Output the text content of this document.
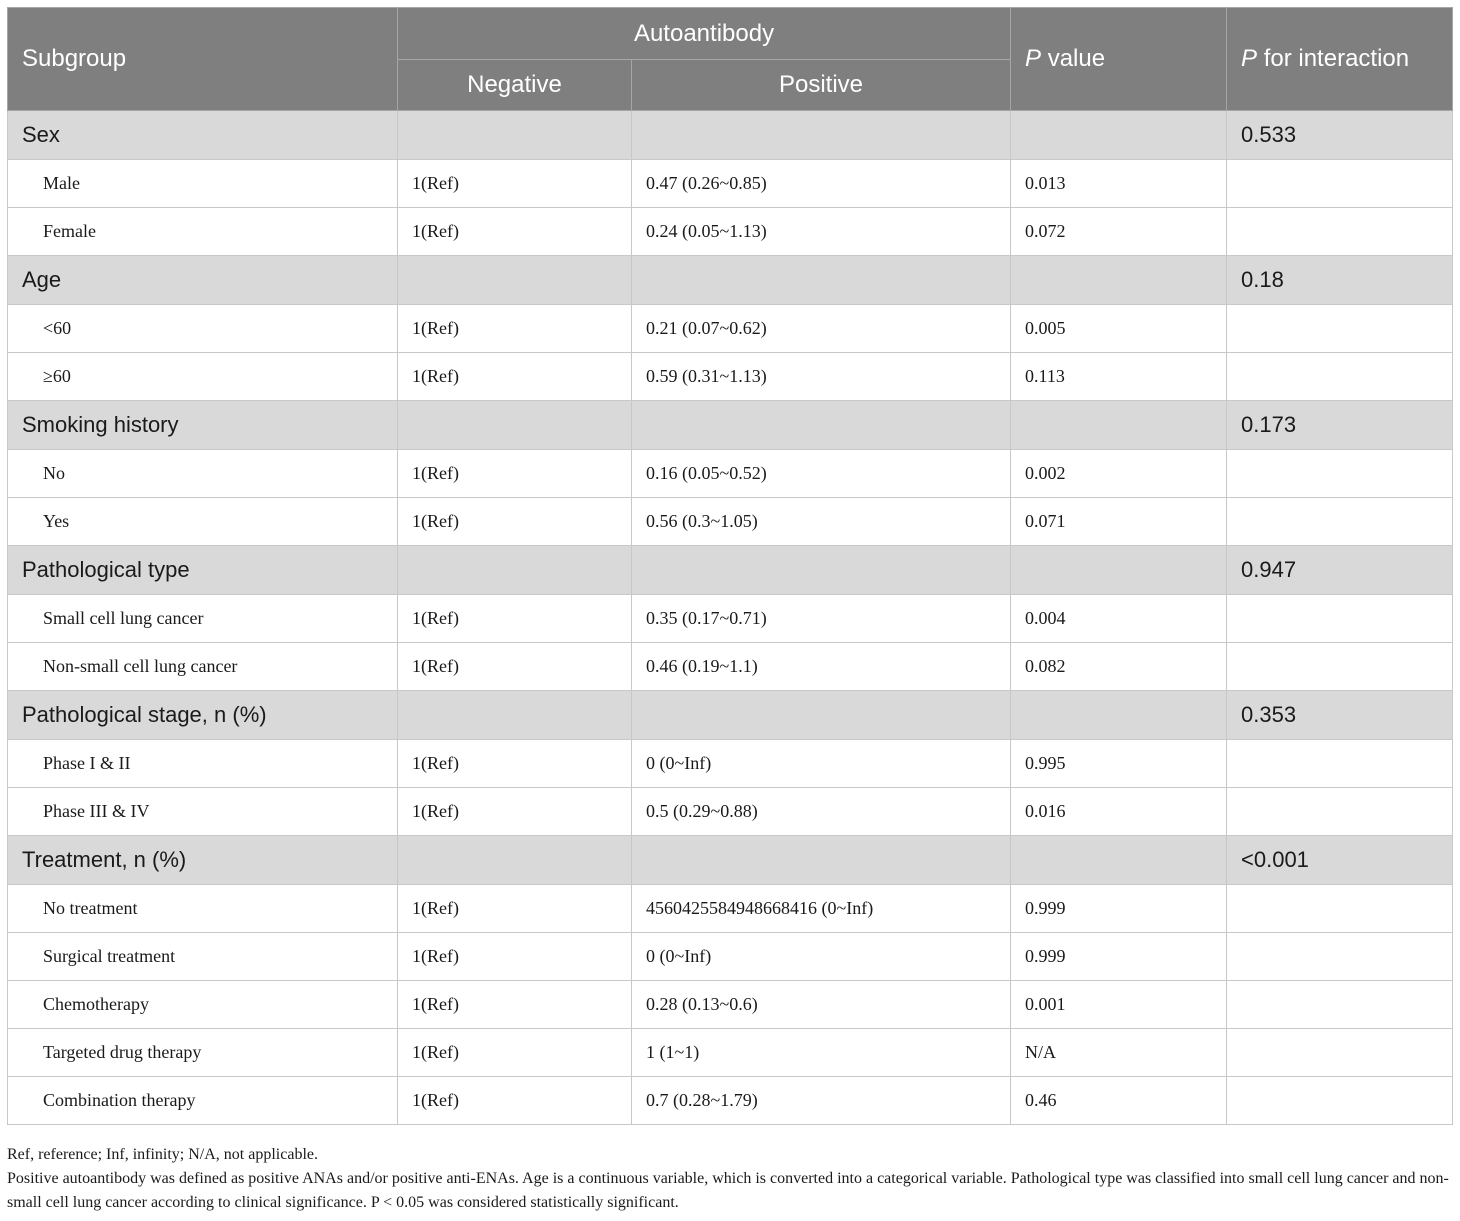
Subgroup	Autoantibody		P value	P for interaction
	Negative	Positive		
Sex				0.533
Male	1(Ref)	0.47 (0.26~0.85)	0.013	
Female	1(Ref)	0.24 (0.05~1.13)	0.072	
Age				0.18
<60	1(Ref)	0.21 (0.07~0.62)	0.005	
≥60	1(Ref)	0.59 (0.31~1.13)	0.113	
Smoking history				0.173
No	1(Ref)	0.16 (0.05~0.52)	0.002	
Yes	1(Ref)	0.56 (0.3~1.05)	0.071	
Pathological type				0.947
Small cell lung cancer	1(Ref)	0.35 (0.17~0.71)	0.004	
Non-small cell lung cancer	1(Ref)	0.46 (0.19~1.1)	0.082	
Pathological stage, n (%)				0.353
Phase I & II	1(Ref)	0 (0~Inf)	0.995	
Phase III & IV	1(Ref)	0.5 (0.29~0.88)	0.016	
Treatment, n (%)				<0.001
No treatment	1(Ref)	4560425584948668416 (0~Inf)	0.999	
Surgical treatment	1(Ref)	0 (0~Inf)	0.999	
Chemotherapy	1(Ref)	0.28 (0.13~0.6)	0.001	
Targeted drug therapy	1(Ref)	1 (1~1)	N/A	
Combination therapy	1(Ref)	0.7 (0.28~1.79)	0.46	

Ref, reference; Inf, infinity; N/A, not applicable.

Positive autoantibody was defined as positive ANAs and/or positive anti-ENAs. Age is a continuous variable, which is converted into a categorical variable. Pathological type was classified into small cell lung cancer and non-small cell lung cancer according to clinical significance. P < 0.05 was considered statistically significant.
